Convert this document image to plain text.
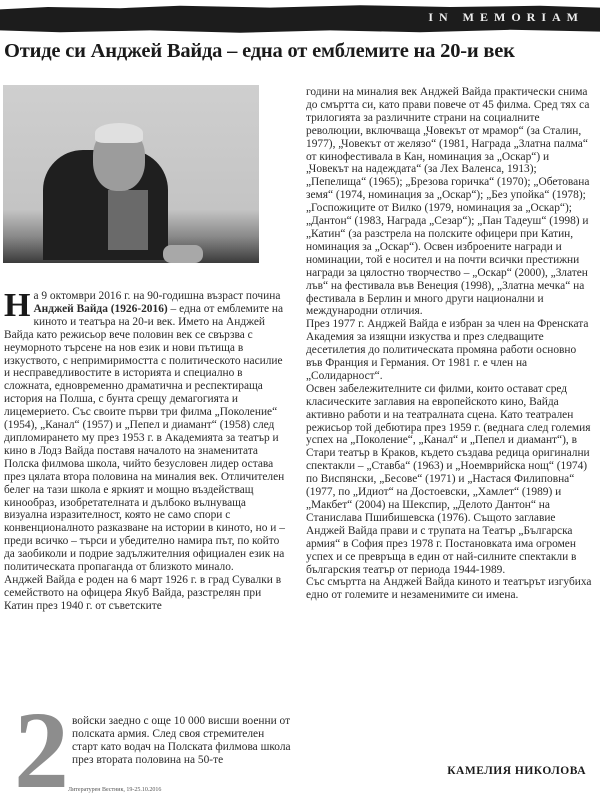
IN MEMORIAM
Отиде си Анджей Вайда – една от емблемите на 20-и век

На 9 октомври 2016 г. на 90-годишна възраст почина Анджей Вайда (1926-2016) – една от емблемите на киното и театъра на 20-и век. Името на Анджей Вайда като режисьор вече половин век се свързва с неуморното търсене на нов език и нови пътища в изкуството, с непримиримостта с политическото насилие и несправедливостите в историята и специално в сложната, едновременно драматична и респектираща история на Полша, с бунта срещу демагогията и лицемерието. Със своите първи три филма „Поколение“ (1954), „Канал“ (1957) и „Пепел и диамант“ (1958) след дипломирането му през 1953 г. в Академията за театър и кино в Лодз Вайда поставя началото на знаменитата Полска филмова школа, чийто безусловен лидер остава през цялата втора половина на миналия век. Отличителен белег на тази школа е яркият и мощно въздействащ кинообраз, изобретателната и дълбоко вълнуваща визуална изразителност, която не само спори с конвенционалното разказване на истории в киното, но и – преди всичко – търси и убедително намира път, по който да заобиколи и подрие задължителния официален език на политическата пропаганда от близкото минало.

Анджей Вайда е роден на 6 март 1926 г. в град Сувалки в семейството на офицера Якуб Вайда, разстрелян при Катин през 1940 г. от съветските

2 войски заедно с още 10 000 висши военни от полската армия. След своя стремителен старт като водач на Полската филмова школа през втората половина на 50-те
Литературен Вестник, 19-25.10.2016

години на миналия век Анджей Вайда практически снима до смъртта си, като прави повече от 45 филма. Сред тях са трилогията за различните страни на социалните революции, включваща „Човекът от мрамор“ (за Сталин, 1977), „Човекът от желязо“ (1981, Награда „Златна палма“ от кинофестивала в Кан, номинация за „Оскар“) и „Човекът на надеждата“ (за Лех Валенса, 1913); „Пепелища“ (1965); „Брезова горичка“ (1970); „Обетована земя“ (1974, номинация за „Оскар“); „Без упойка“ (1978); „Госпожиците от Вилко (1979, номинация за „Оскар“); „Дантон“ (1983, Награда „Сезар“); „Пан Тадеуш“ (1998) и „Катин“ (за разстрела на полските офицери при Катин, номинация за „Оскар“). Освен изброените награди и номинации, той е носител и на почти всички престижни награди за цялостно творчество – „Оскар“ (2000), „Златен лъв“ на фестивала във Венеция (1998), „Златна мечка“ на фестивала в Берлин и много други национални и международни отличия.

През 1977 г. Анджей Вайда е избран за член на Френската Академия за изящни изкуства и през следващите десетилетия до политическата промяна работи основно във Франция и Германия. От 1981 г. е член на „Солидарност“.

Освен забележителните си филми, които остават сред класическите заглавия на европейското кино, Вайда активно работи и на театралната сцена. Като театрален режисьор той дебютира през 1959 г. (веднага след големия успех на „Поколение“, „Канал“ и „Пепел и диамант“), в Стари театър в Краков, където създава редица оригинални спектакли – „Ставба“ (1963) и „Ноемврийска нощ“ (1974) по Виспянски, „Бесове“ (1971) и „Настася Филиповна“ (1977, по „Идиот“ на Достоевски, „Хамлет“ (1989) и „Макбет“ (2004) на Шекспир, „Делото Дантон“ на Станиславa Пшибишевска (1976). Същото заглавие Анджей Вайда прави и с трупата на Театър „Българска армия“ в София през 1978 г. Постановката има огромен успех и се превръща в един от най-силните спектакли в българския театър от периода 1944-1989.

Със смъртта на Анджей Вайда киното и театърът изгубиха едно от големите и незаменимите си имена.

КАМЕЛИЯ НИКОЛОВА
